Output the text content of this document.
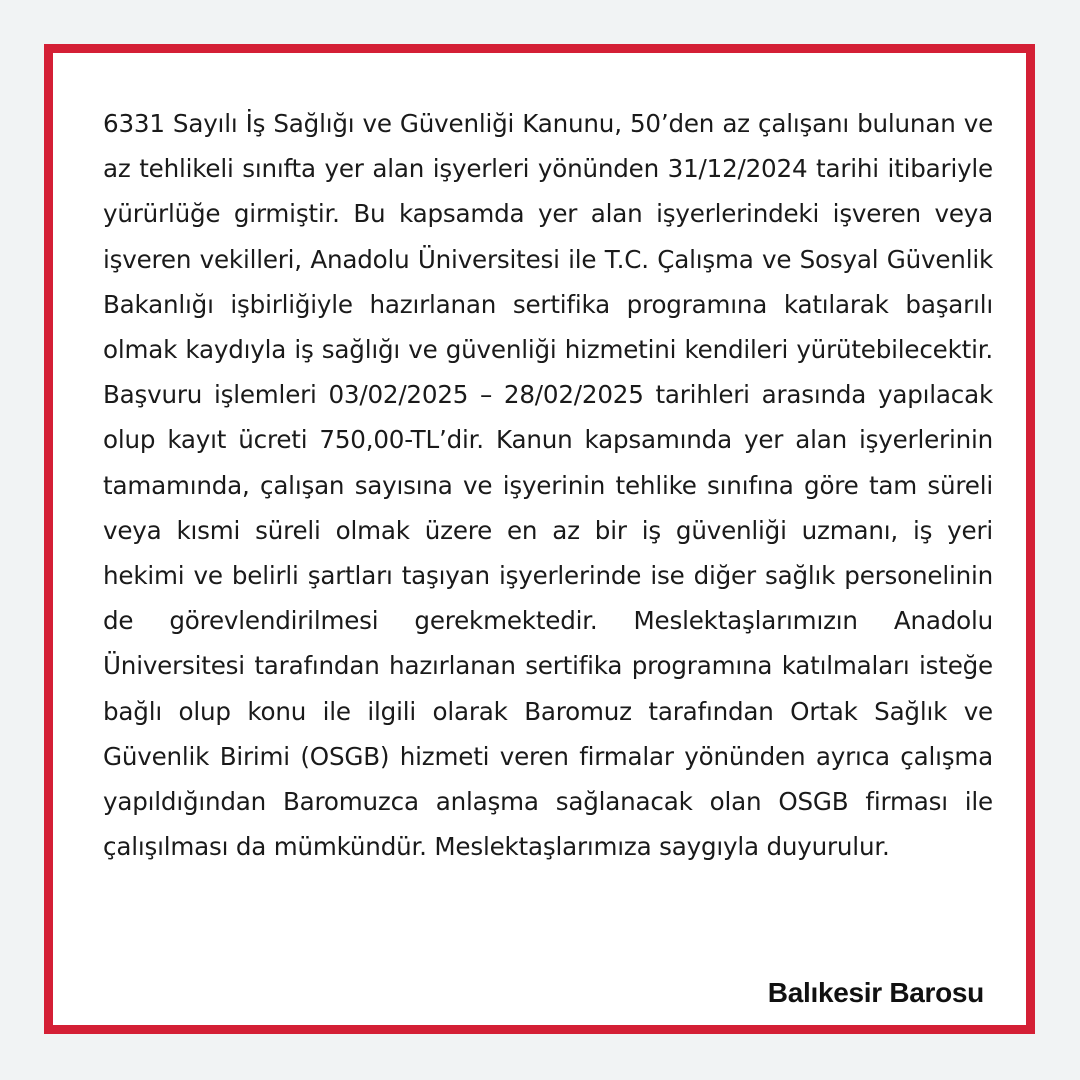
6331 Sayılı İş Sağlığı ve Güvenliği Kanunu, 50’den az çalışanı bulunan ve az tehlikeli sınıfta yer alan işyerleri yönünden 31/12/2024 tarihi itibariyle yürürlüğe girmiştir. Bu kapsamda yer alan işyerlerindeki işveren veya işveren vekilleri, Anadolu Üniversitesi ile T.C. Çalışma ve Sosyal Güvenlik Bakanlığı işbirliğiyle hazırlanan sertifika programına katılarak başarılı olmak kaydıyla iş sağlığı ve güvenliği hizmetini kendileri yürütebilecektir. Başvuru işlemleri 03/02/2025 – 28/02/2025 tarihleri arasında yapılacak olup kayıt ücreti 750,00-TL’dir. Kanun kapsamında yer alan işyerlerinin tamamında, çalışan sayısına ve işyerinin tehlike sınıfına göre tam süreli veya kısmi süreli olmak üzere en az bir iş güvenliği uzmanı, iş yeri hekimi ve belirli şartları taşıyan işyerlerinde ise diğer sağlık personelinin de görevlendirilmesi gerekmektedir. Meslektaşlarımızın Anadolu Üniversitesi tarafından hazırlanan sertifika programına katılmaları isteğe bağlı olup konu ile ilgili olarak Baromuz tarafından Ortak Sağlık ve Güvenlik Birimi (OSGB) hizmeti veren firmalar yönünden ayrıca çalışma yapıldığından Baromuzca anlaşma sağlanacak olan OSGB firması ile çalışılması da mümkündür. Meslektaşlarımıza saygıyla duyurulur.

Balıkesir Barosu
